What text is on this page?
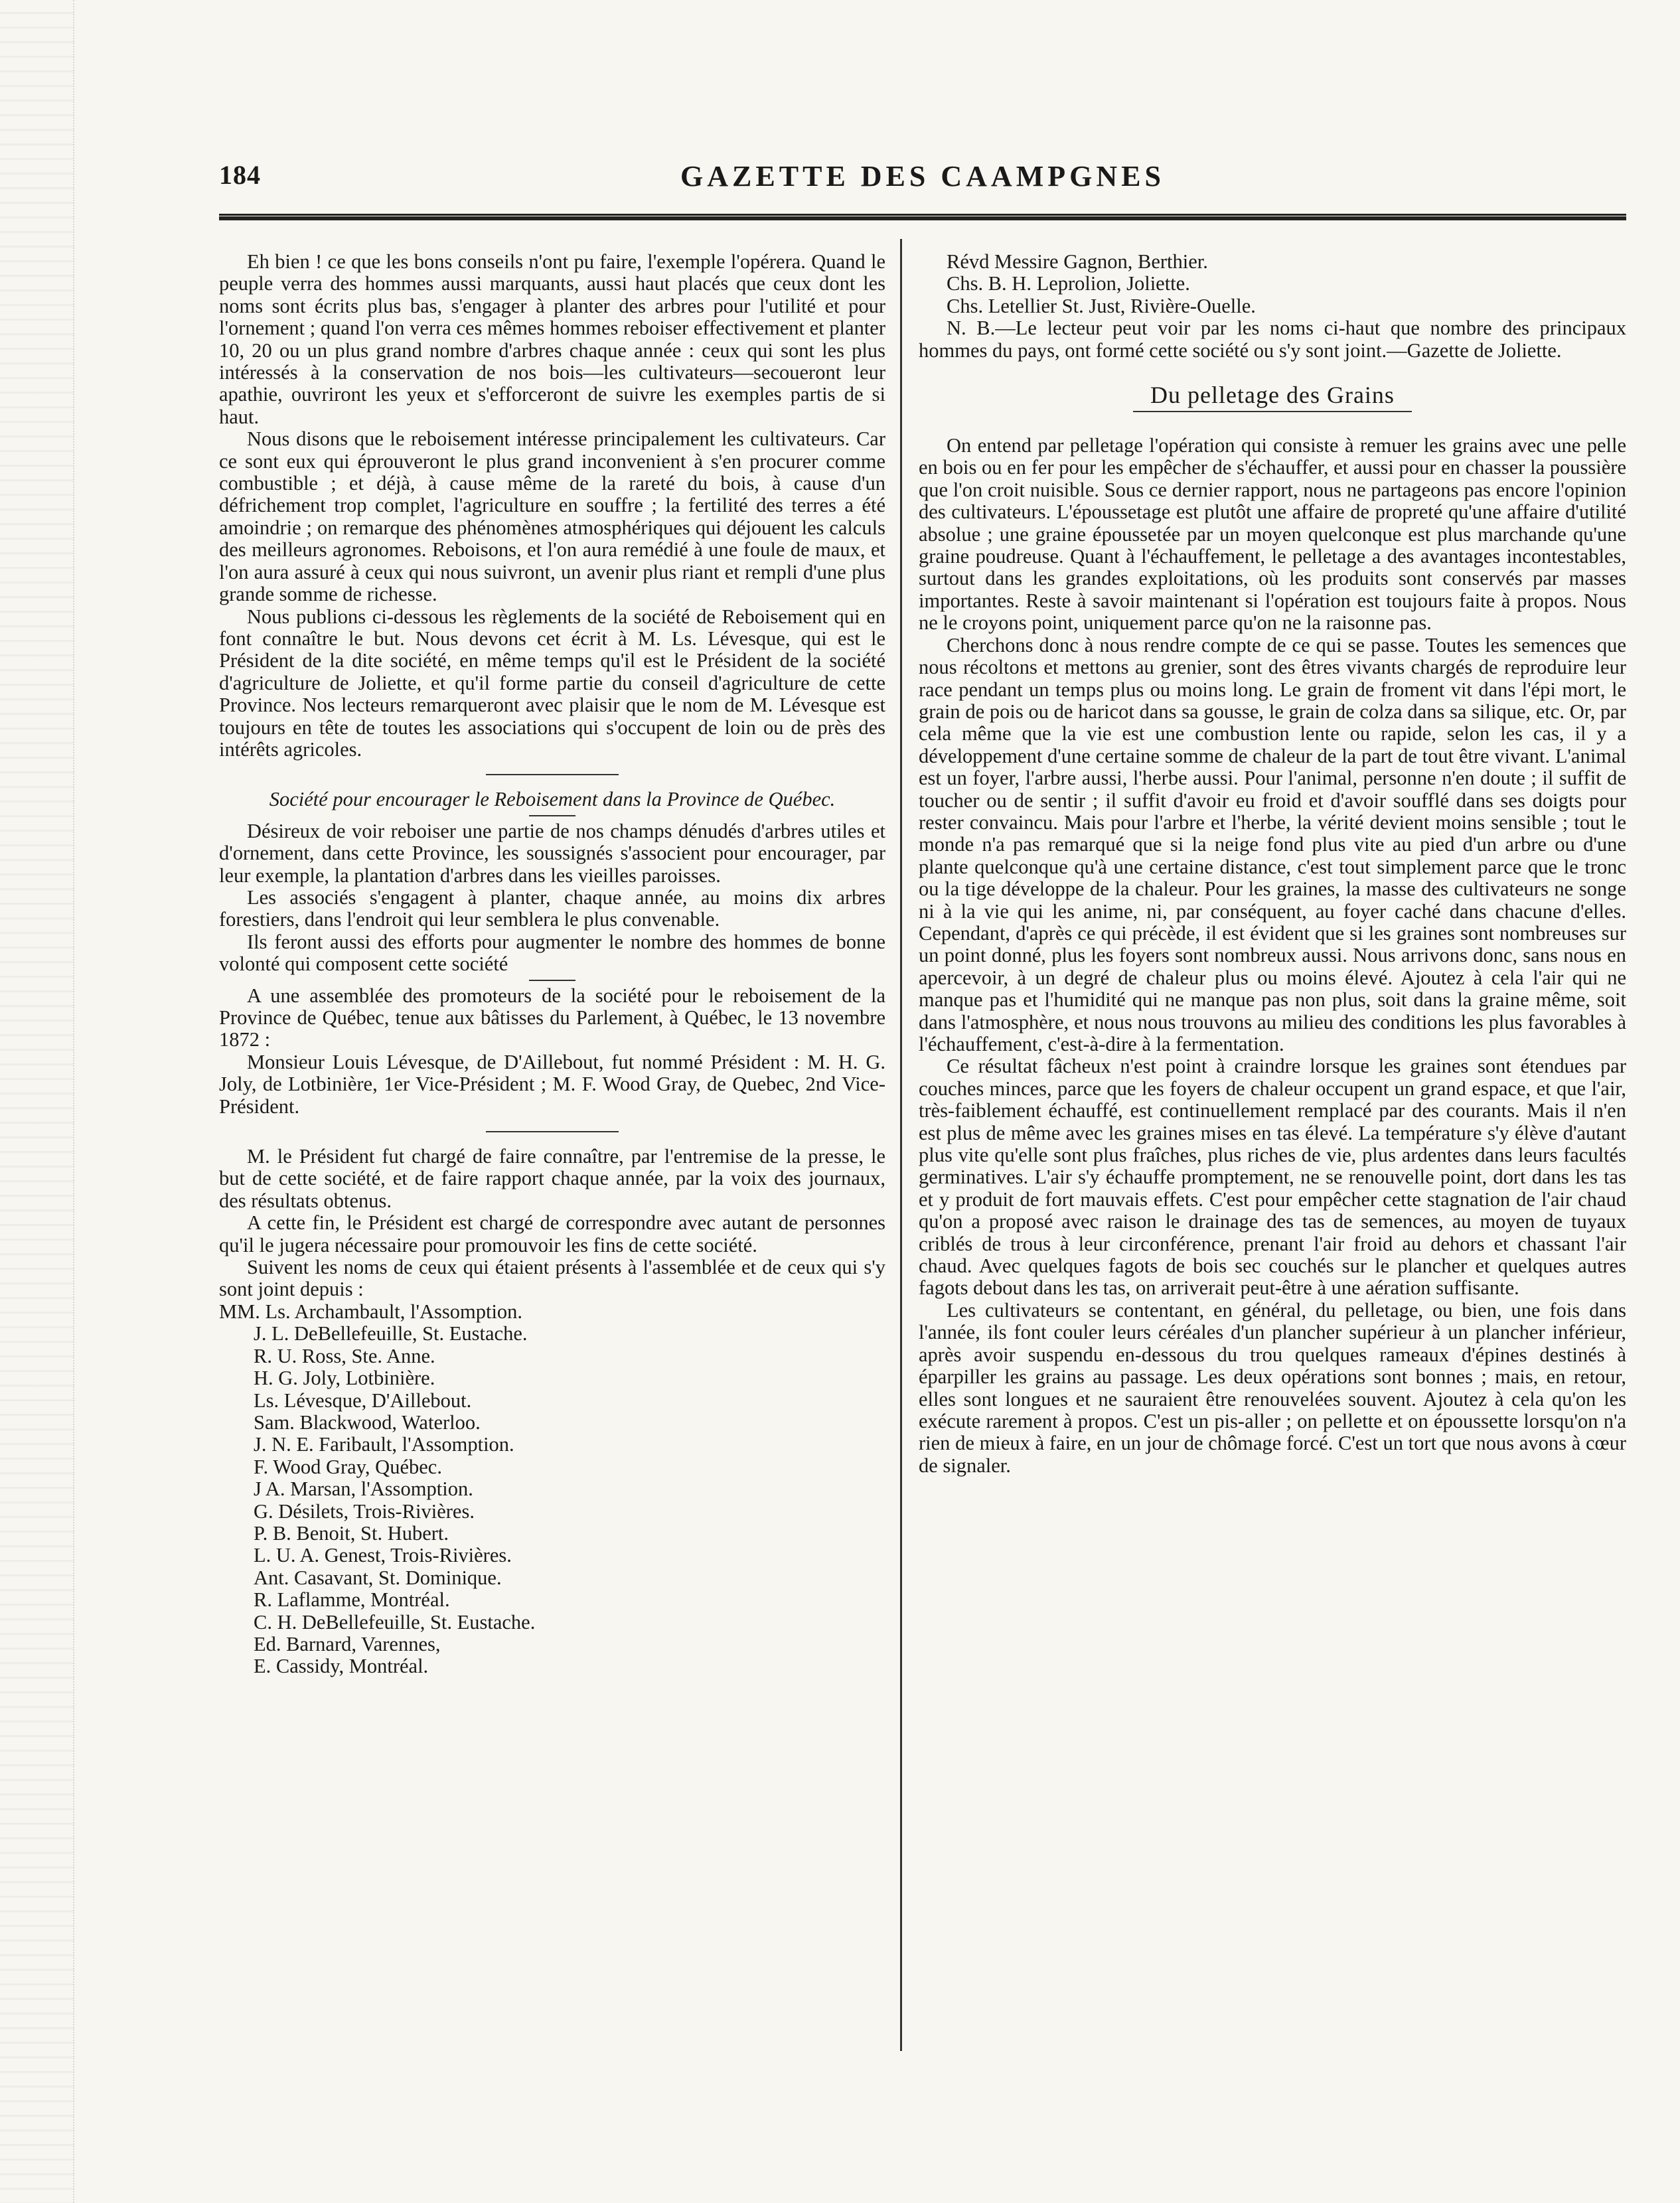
GAZETTE DES CAAMPGNES
184

Eh bien ! ce que les bons conseils n'ont pu faire, l'exemple l'opérera. Quand le peuple verra des hommes aussi marquants, aussi haut placés que ceux dont les noms sont écrits plus bas, s'engager à planter des arbres pour l'utilité et pour l'ornement ; quand l'on verra ces mêmes hommes reboiser effectivement et planter 10, 20 ou un plus grand nombre d'arbres chaque année : ceux qui sont les plus intéressés à la conservation de nos bois—les cultivateurs—secoueront leur apathie, ouvriront les yeux et s'efforceront de suivre les exemples partis de si haut.

Nous disons que le reboisement intéresse principalement les cultivateurs. Car ce sont eux qui éprouveront le plus grand inconvenient à s'en procurer comme combustible ; et déjà, à cause même de la rareté du bois, à cause d'un défrichement trop complet, l'agriculture en souffre ; la fertilité des terres a été amoindrie ; on remarque des phénomènes atmosphériques qui déjouent les calculs des meilleurs agronomes. Reboisons, et l'on aura remédié à une foule de maux, et l'on aura assuré à ceux qui nous suivront, un avenir plus riant et rempli d'une plus grande somme de richesse.

Nous publions ci-dessous les règlements de la société de Reboisement qui en font connaître le but. Nous devons cet écrit à M. Ls. Lévesque, qui est le Président de la dite société, en même temps qu'il est le Président de la société d'agriculture de Joliette, et qu'il forme partie du conseil d'agriculture de cette Province. Nos lecteurs remarqueront avec plaisir que le nom de M. Lévesque est toujours en tête de toutes les associations qui s'occupent de loin ou de près des intérêts agricoles.

Société pour encourager le Reboisement dans la Province de Québec.

Désireux de voir reboiser une partie de nos champs dénudés d'arbres utiles et d'ornement, dans cette Province, les soussignés s'associent pour encourager, par leur exemple, la plantation d'arbres dans les vieilles paroisses.

Les associés s'engagent à planter, chaque année, au moins dix arbres forestiers, dans l'endroit qui leur semblera le plus convenable.

Ils feront aussi des efforts pour augmenter le nombre des hommes de bonne volonté qui composent cette société

A une assemblée des promoteurs de la société pour le reboisement de la Province de Québec, tenue aux bâtisses du Parlement, à Québec, le 13 novembre 1872 :

Monsieur Louis Lévesque, de D'Aillebout, fut nommé Président : M. H. G. Joly, de Lotbinière, 1er Vice-Président ; M. F. Wood Gray, de Quebec, 2nd Vice-Président.

M. le Président fut chargé de faire connaître, par l'entremise de la presse, le but de cette société, et de faire rapport chaque année, par la voix des journaux, des résultats obtenus.

A cette fin, le Président est chargé de correspondre avec autant de personnes qu'il le jugera nécessaire pour promouvoir les fins de cette société.

Suivent les noms de ceux qui étaient présents à l'assemblée et de ceux qui s'y sont joint depuis :

MM. Ls. Archambault, l'Assomption.
J. L. DeBellefeuille, St. Eustache.
R. U. Ross, Ste. Anne.
H. G. Joly, Lotbinière.
Ls. Lévesque, D'Aillebout.
Sam. Blackwood, Waterloo.
J. N. E. Faribault, l'Assomption.
F. Wood Gray, Québec.
J A. Marsan, l'Assomption.
G. Désilets, Trois-Rivières.
P. B. Benoit, St. Hubert.
L. U. A. Genest, Trois-Rivières.
Ant. Casavant, St. Dominique.
R. Laflamme, Montréal.
C. H. DeBellefeuille, St. Eustache.
Ed. Barnard, Varennes,
E. Cassidy, Montréal.
Révd Messire Gagnon, Berthier.
Chs. B. H. Leprolion, Joliette.
Chs. Letellier St. Just, Rivière-Ouelle.

N. B.—Le lecteur peut voir par les noms ci-haut que nombre des principaux hommes du pays, ont formé cette société ou s'y sont joint.—Gazette de Joliette.

Du pelletage des Grains

On entend par pelletage l'opération qui consiste à remuer les grains avec une pelle en bois ou en fer pour les empêcher de s'échauffer, et aussi pour en chasser la poussière que l'on croit nuisible. Sous ce dernier rapport, nous ne partageons pas encore l'opinion des cultivateurs. L'époussetage est plutôt une affaire de propreté qu'une affaire d'utilité absolue ; une graine époussetée par un moyen quelconque est plus marchande qu'une graine poudreuse. Quant à l'échauffement, le pelletage a des avantages incontestables, surtout dans les grandes exploitations, où les produits sont conservés par masses importantes. Reste à savoir maintenant si l'opération est toujours faite à propos. Nous ne le croyons point, uniquement parce qu'on ne la raisonne pas.

Cherchons donc à nous rendre compte de ce qui se passe. Toutes les semences que nous récoltons et mettons au grenier, sont des êtres vivants chargés de reproduire leur race pendant un temps plus ou moins long. Le grain de froment vit dans l'épi mort, le grain de pois ou de haricot dans sa gousse, le grain de colza dans sa silique, etc. Or, par cela même que la vie est une combustion lente ou rapide, selon les cas, il y a développement d'une certaine somme de chaleur de la part de tout être vivant. L'animal est un foyer, l'arbre aussi, l'herbe aussi. Pour l'animal, personne n'en doute ; il suffit de toucher ou de sentir ; il suffit d'avoir eu froid et d'avoir soufflé dans ses doigts pour rester convaincu. Mais pour l'arbre et l'herbe, la vérité devient moins sensible ; tout le monde n'a pas remarqué que si la neige fond plus vite au pied d'un arbre ou d'une plante quelconque qu'à une certaine distance, c'est tout simplement parce que le tronc ou la tige développe de la chaleur. Pour les graines, la masse des cultivateurs ne songe ni à la vie qui les anime, ni, par conséquent, au foyer caché dans chacune d'elles. Cependant, d'après ce qui précède, il est évident que si les graines sont nombreuses sur un point donné, plus les foyers sont nombreux aussi. Nous arrivons donc, sans nous en apercevoir, à un degré de chaleur plus ou moins élevé. Ajoutez à cela l'air qui ne manque pas et l'humidité qui ne manque pas non plus, soit dans la graine même, soit dans l'atmosphère, et nous nous trouvons au milieu des conditions les plus favorables à l'échauffement, c'est-à-dire à la fermentation.

Ce résultat fâcheux n'est point à craindre lorsque les graines sont étendues par couches minces, parce que les foyers de chaleur occupent un grand espace, et que l'air, très-faiblement échauffé, est continuellement remplacé par des courants. Mais il n'en est plus de même avec les graines mises en tas élevé. La température s'y élève d'autant plus vite qu'elle sont plus fraîches, plus riches de vie, plus ardentes dans leurs facultés germinatives. L'air s'y échauffe promptement, ne se renouvelle point, dort dans les tas et y produit de fort mauvais effets. C'est pour empêcher cette stagnation de l'air chaud qu'on a proposé avec raison le drainage des tas de semences, au moyen de tuyaux criblés de trous à leur circonférence, prenant l'air froid au dehors et chassant l'air chaud. Avec quelques fagots de bois sec couchés sur le plancher et quelques autres fagots debout dans les tas, on arriverait peut-être à une aération suffisante.

Les cultivateurs se contentant, en général, du pelletage, ou bien, une fois dans l'année, ils font couler leurs céréales d'un plancher supérieur à un plancher inférieur, après avoir suspendu en-dessous du trou quelques rameaux d'épines destinés à éparpiller les grains au passage. Les deux opérations sont bonnes ; mais, en retour, elles sont longues et ne sauraient être renouvelées souvent. Ajoutez à cela qu'on les exécute rarement à propos. C'est un pis-aller ; on pellette et on époussette lorsqu'on n'a rien de mieux à faire, en un jour de chômage forcé. C'est un tort que nous avons à cœur de signaler.
